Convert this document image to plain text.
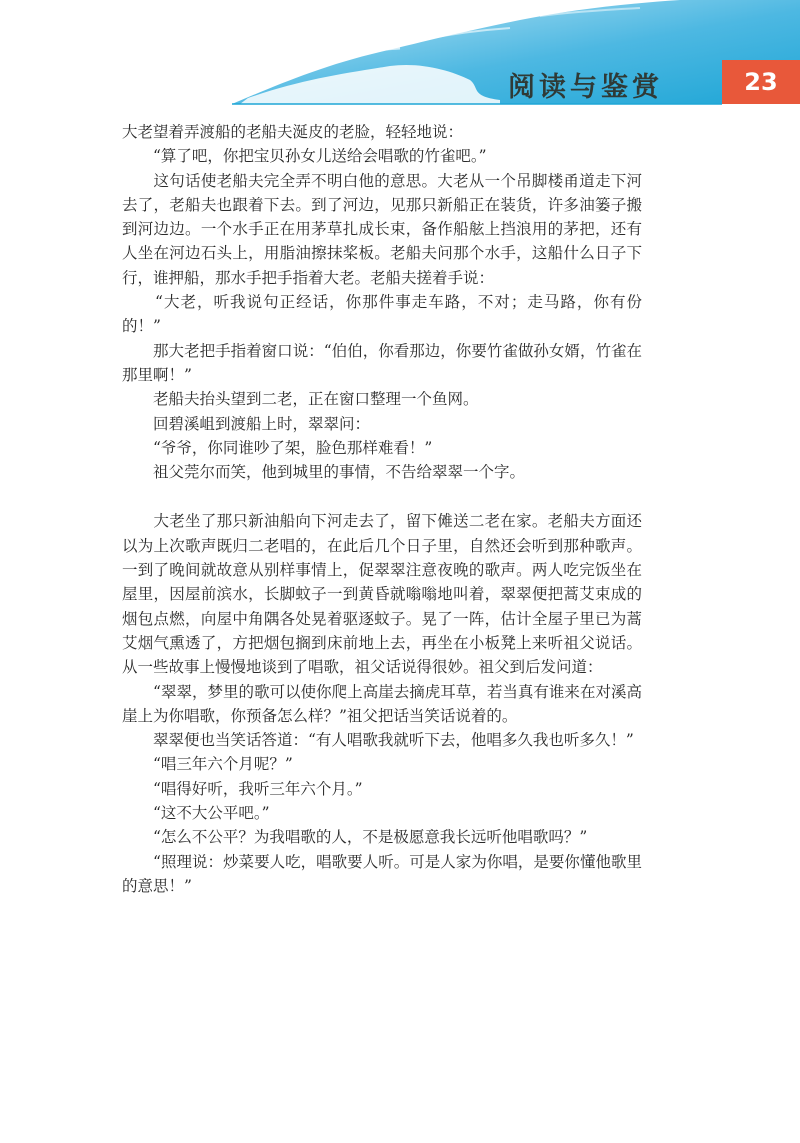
阅读与鉴赏	23

大老望着弄渡船的老船夫涎皮的老脸，轻轻地说：

　　“算了吧，你把宝贝孙女儿送给会唱歌的竹雀吧。”

　　这句话使老船夫完全弄不明白他的意思。大老从一个吊脚楼甬道走下河去了，老船夫也跟着下去。到了河边，见那只新船正在装货，许多油篓子搬到河边边。一个水手正在用茅草扎成长束，备作船舷上挡浪用的茅把，还有人坐在河边石头上，用脂油擦抹桨板。老船夫问那个水手，这船什么日子下行，谁押船，那水手把手指着大老。老船夫搓着手说：

　　“大老，听我说句正经话，你那件事走车路，不对；走马路，你有份的！”

　　那大老把手指着窗口说：“伯伯，你看那边，你要竹雀做孙女婿，竹雀在那里啊！”

　　老船夫抬头望到二老，正在窗口整理一个鱼网。

　　回碧溪岨到渡船上时，翠翠问：

　　“爷爷，你同谁吵了架，脸色那样难看！”

　　祖父莞尔而笑，他到城里的事情，不告给翠翠一个字。

　　大老坐了那只新油船向下河走去了，留下傩送二老在家。老船夫方面还以为上次歌声既归二老唱的，在此后几个日子里，自然还会听到那种歌声。一到了晚间就故意从别样事情上，促翠翠注意夜晚的歌声。两人吃完饭坐在屋里，因屋前滨水，长脚蚊子一到黄昏就嗡嗡地叫着，翠翠便把蒿艾束成的烟包点燃，向屋中角隅各处晃着驱逐蚊子。晃了一阵，估计全屋子里已为蒿艾烟气熏透了，方把烟包搁到床前地上去，再坐在小板凳上来听祖父说话。从一些故事上慢慢地谈到了唱歌，祖父话说得很妙。祖父到后发问道：

　　“翠翠，梦里的歌可以使你爬上高崖去摘虎耳草，若当真有谁来在对溪高崖上为你唱歌，你预备怎么样？”祖父把话当笑话说着的。

　　翠翠便也当笑话答道：“有人唱歌我就听下去，他唱多久我也听多久！”

　　“唱三年六个月呢？”

　　“唱得好听，我听三年六个月。”

　　“这不大公平吧。”

　　“怎么不公平？为我唱歌的人，不是极愿意我长远听他唱歌吗？”

　　“照理说：炒菜要人吃，唱歌要人听。可是人家为你唱，是要你懂他歌里的意思！”
